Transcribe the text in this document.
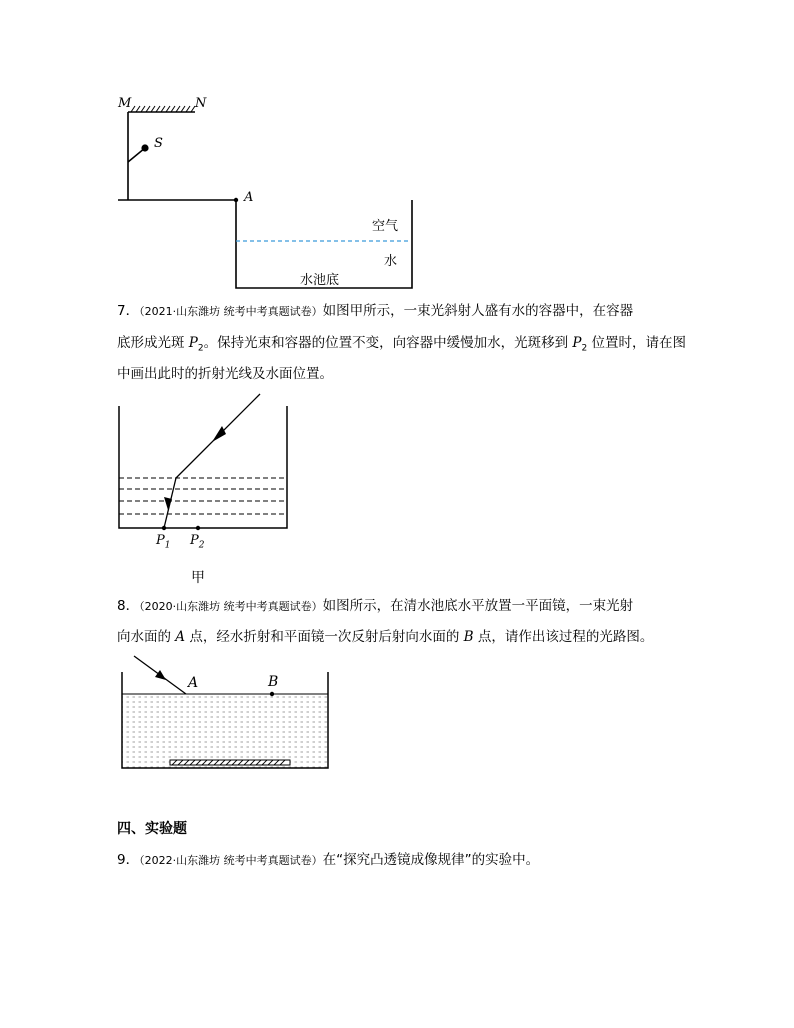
M	N
S
A
空气
水
水池底
7．（2021·山东潍坊 统考中考真题试卷）如图甲所示，一束光斜射人盛有水的容器中，在容器
底形成光斑 $P_2$。保持光束和容器的位置不变，向容器中缓慢加水，光斑移到 $P_2$ 位置时，请在图
中画出此时的折射光线及水面位置。
$P_1$ $P_2$
甲
8．（2020·山东潍坊 统考中考真题试卷）如图所示，在清水池底水平放置一平面镜，一束光射
向水面的 A 点，经水折射和平面镜一次反射后射向水面的 B 点，请作出该过程的光路图。
A	B
四、实验题
9．（2022·山东潍坊 统考中考真题试卷）在“探究凸透镜成像规律”的实验中。
